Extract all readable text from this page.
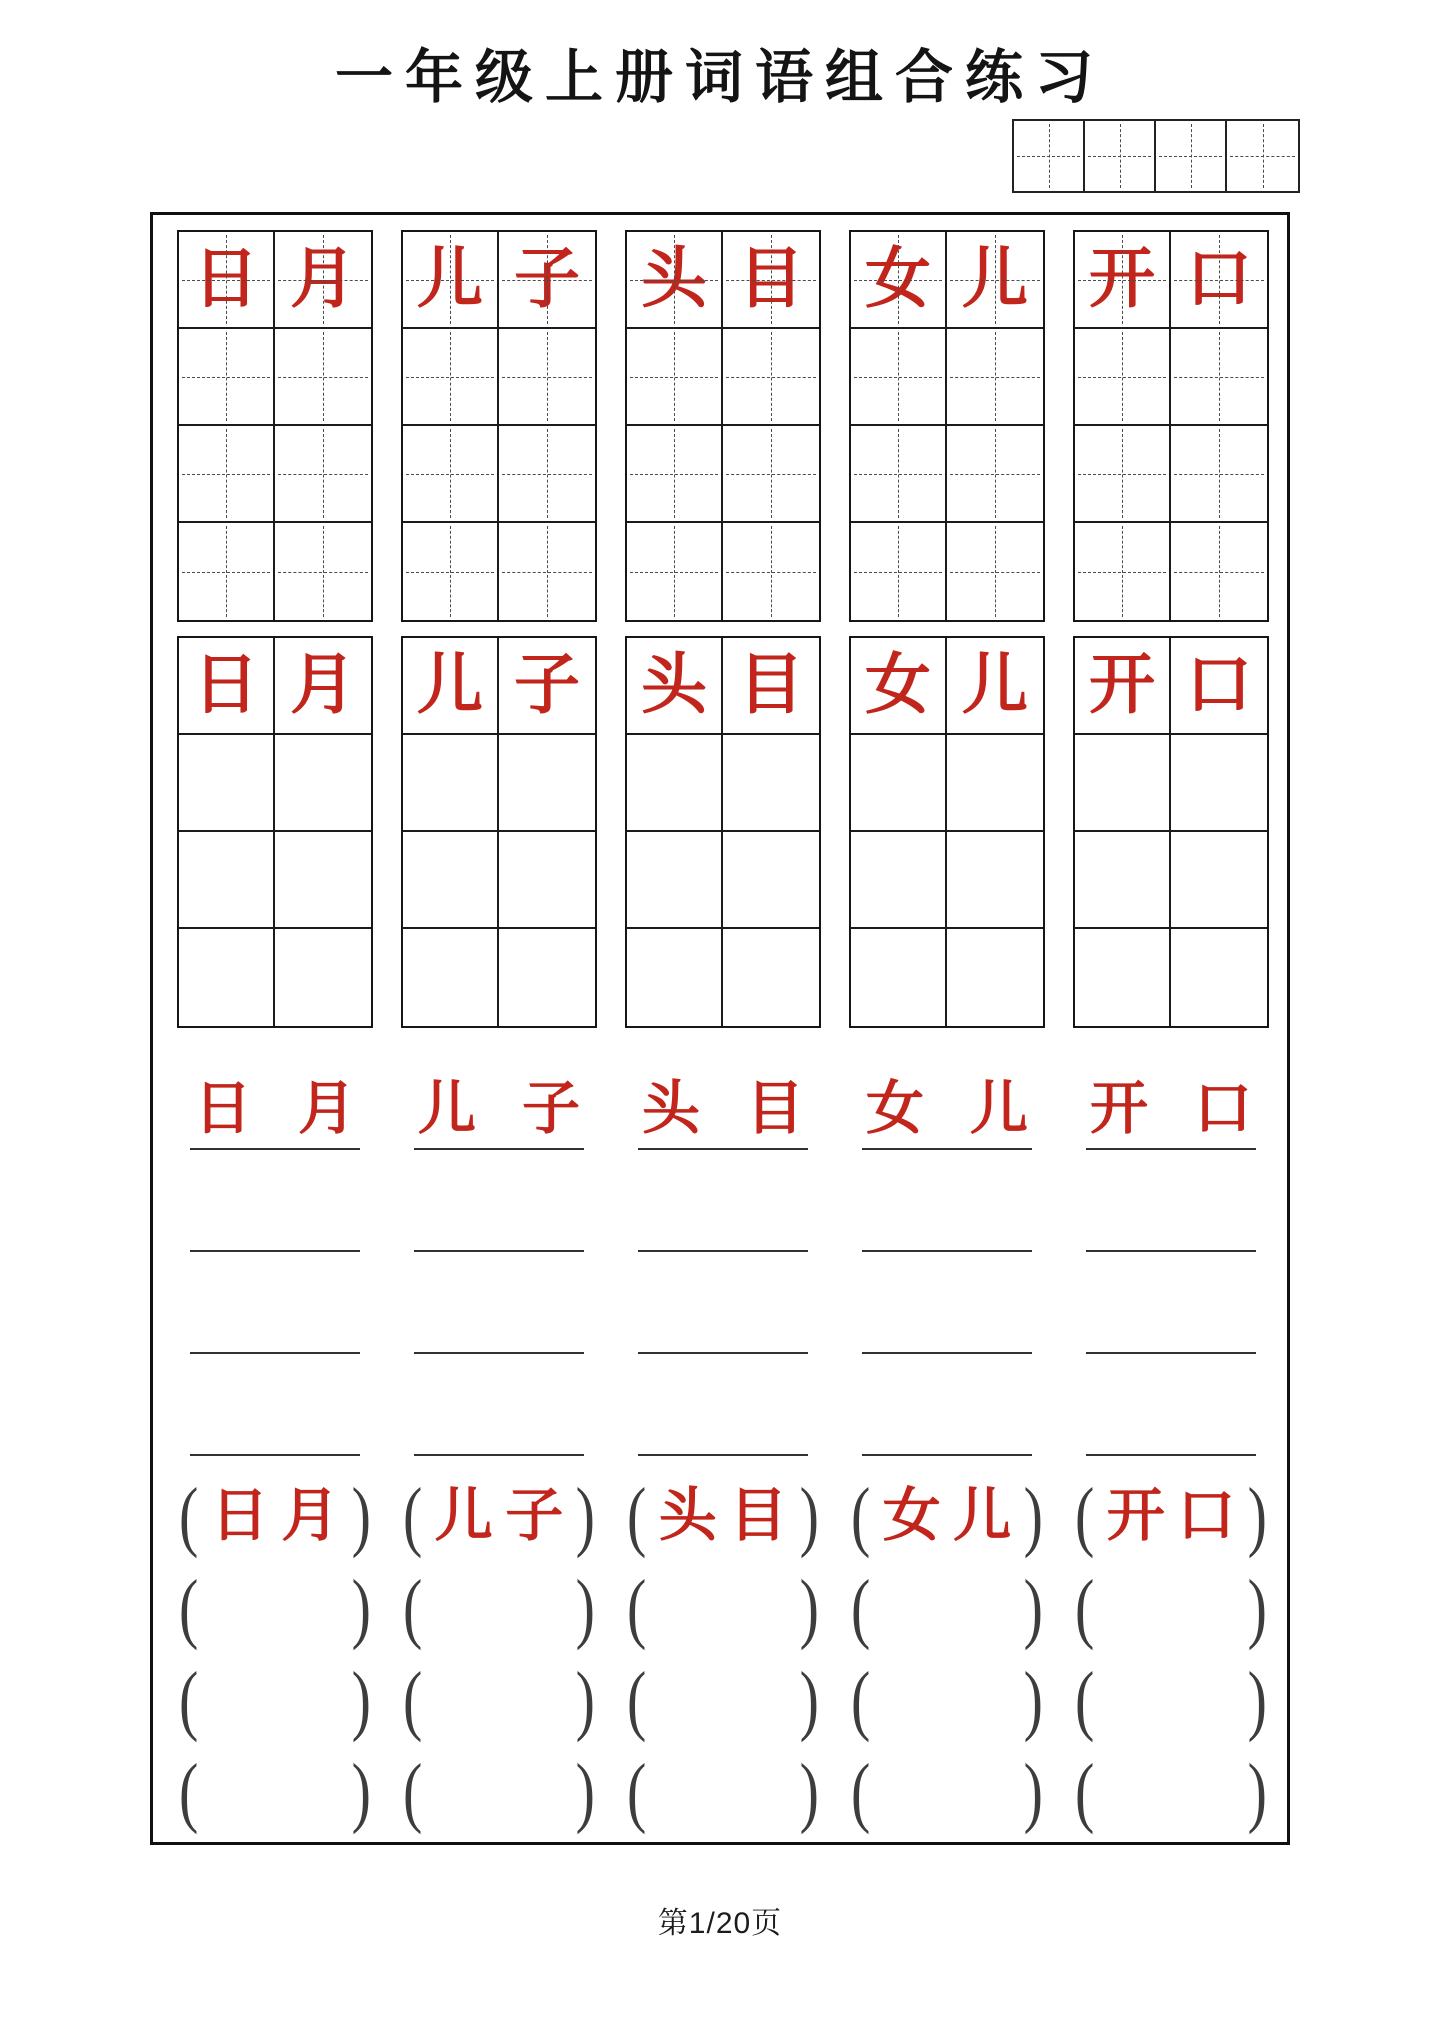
一年级上册词语组合练习
日 月 儿 子 头 目 女 儿 开 口
日 月 儿 子 头 目 女 儿 开 口
日 月 儿 子 头 目 女 儿 开 口
( 日 月 )
(	)
(	)
(	)
( 儿 子 )
(	)
(	)
(	)
( 头 目 )
(	)
(	)
(	)
( 女 儿 )
(	)
(	)
(	)
( 开 口 )
(	)
(	)
(	)
第1/20页
